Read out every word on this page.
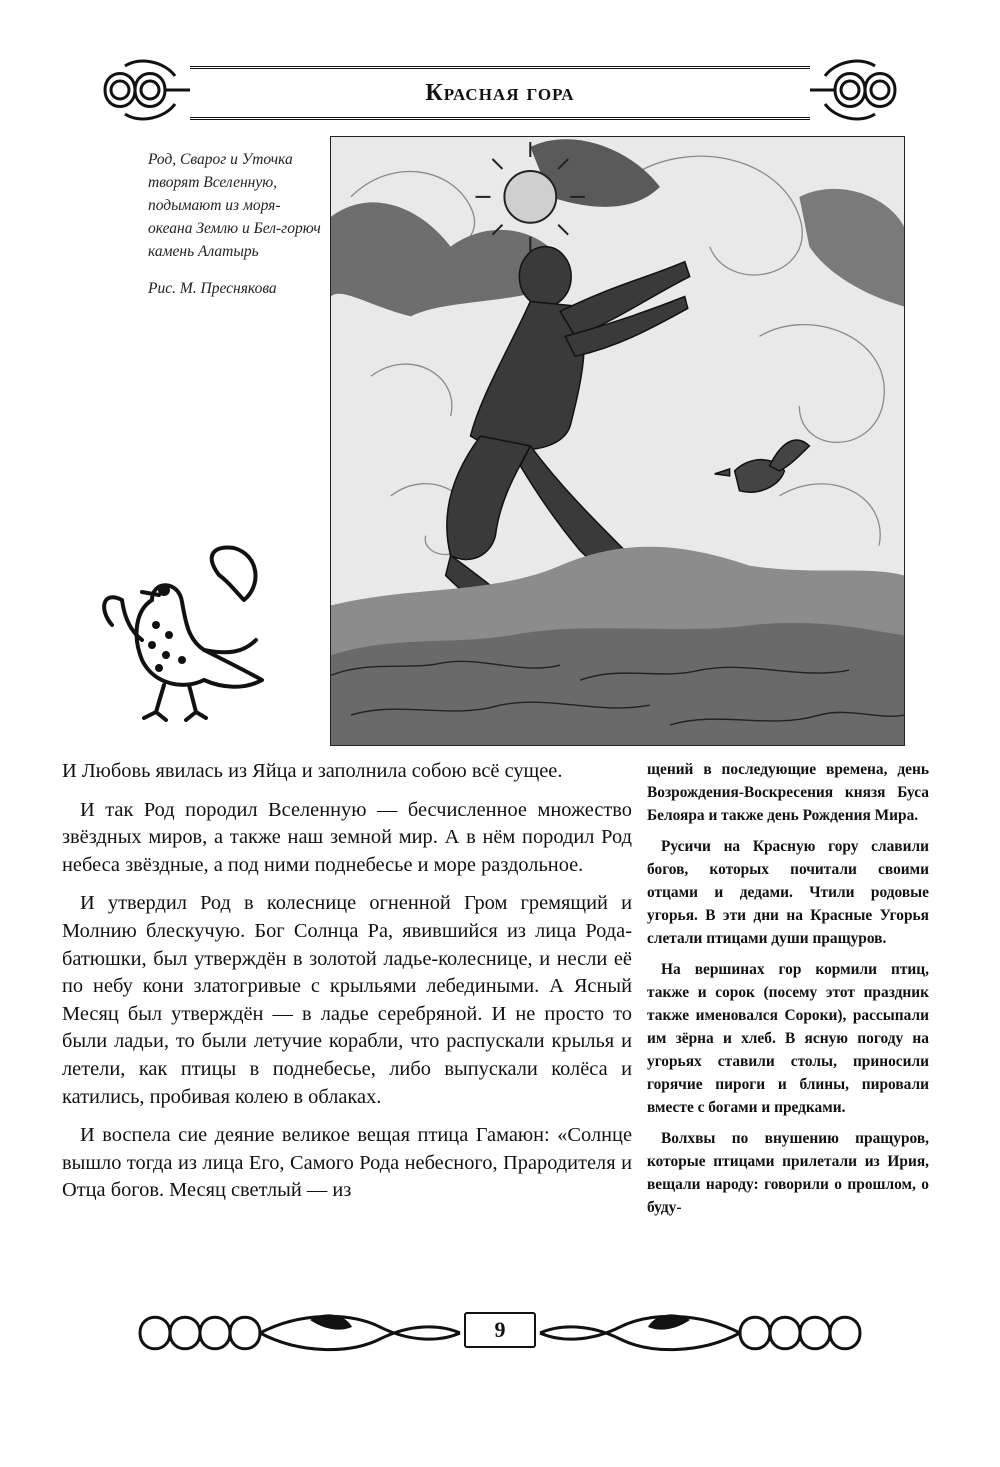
Красная гора

Род, Сварог и Уточка творят Вселенную, подымают из моря-океана Землю и Бел-горюч камень Алатырь

Рис. М. Преснякова

И Любовь явилась из Яйца и заполнила собою всё сущее.

И так Род породил Вселенную — бесчисленное множество звёздных миров, а также наш земной мир. А в нём породил Род небеса звёздные, а под ними поднебесье и море раздольное.

И утвердил Род в колеснице огненной Гром гремящий и Молнию блескучую. Бог Солнца Ра, явившийся из лица Рода-батюшки, был утверждён в золотой ладье-колеснице, и несли её по небу кони златогривые с крыльями лебедиными. А Ясный Месяц был утверждён — в ладье серебряной. И не просто то были ладьи, то были летучие корабли, что распускали крылья и летели, как птицы в поднебесье, либо выпускали колёса и катились, пробивая колею в облаках.

И воспела сие деяние великое вещая птица Гамаюн: «Солнце вышло тогда из лица Его, Самого Рода небесного, Прародителя и Отца богов. Месяц светлый — из

щений в последующие времена, день Возрождения-Воскресения князя Буса Белояра и также день Рождения Мира.

Русичи на Красную гору славили богов, которых почитали своими отцами и дедами. Чтили родовые угорья. В эти дни на Красные Угорья слетали птицами души пращуров.

На вершинах гор кормили птиц, также и сорок (посему этот праздник также именовался Сороки), рассыпали им зёрна и хлеб. В ясную погоду на угорьях ставили столы, приносили горячие пироги и блины, пировали вместе с богами и предками.

Волхвы по внушению пращуров, которые птицами прилетали из Ирия, вещали народу: говорили о прошлом, о буду-

9
